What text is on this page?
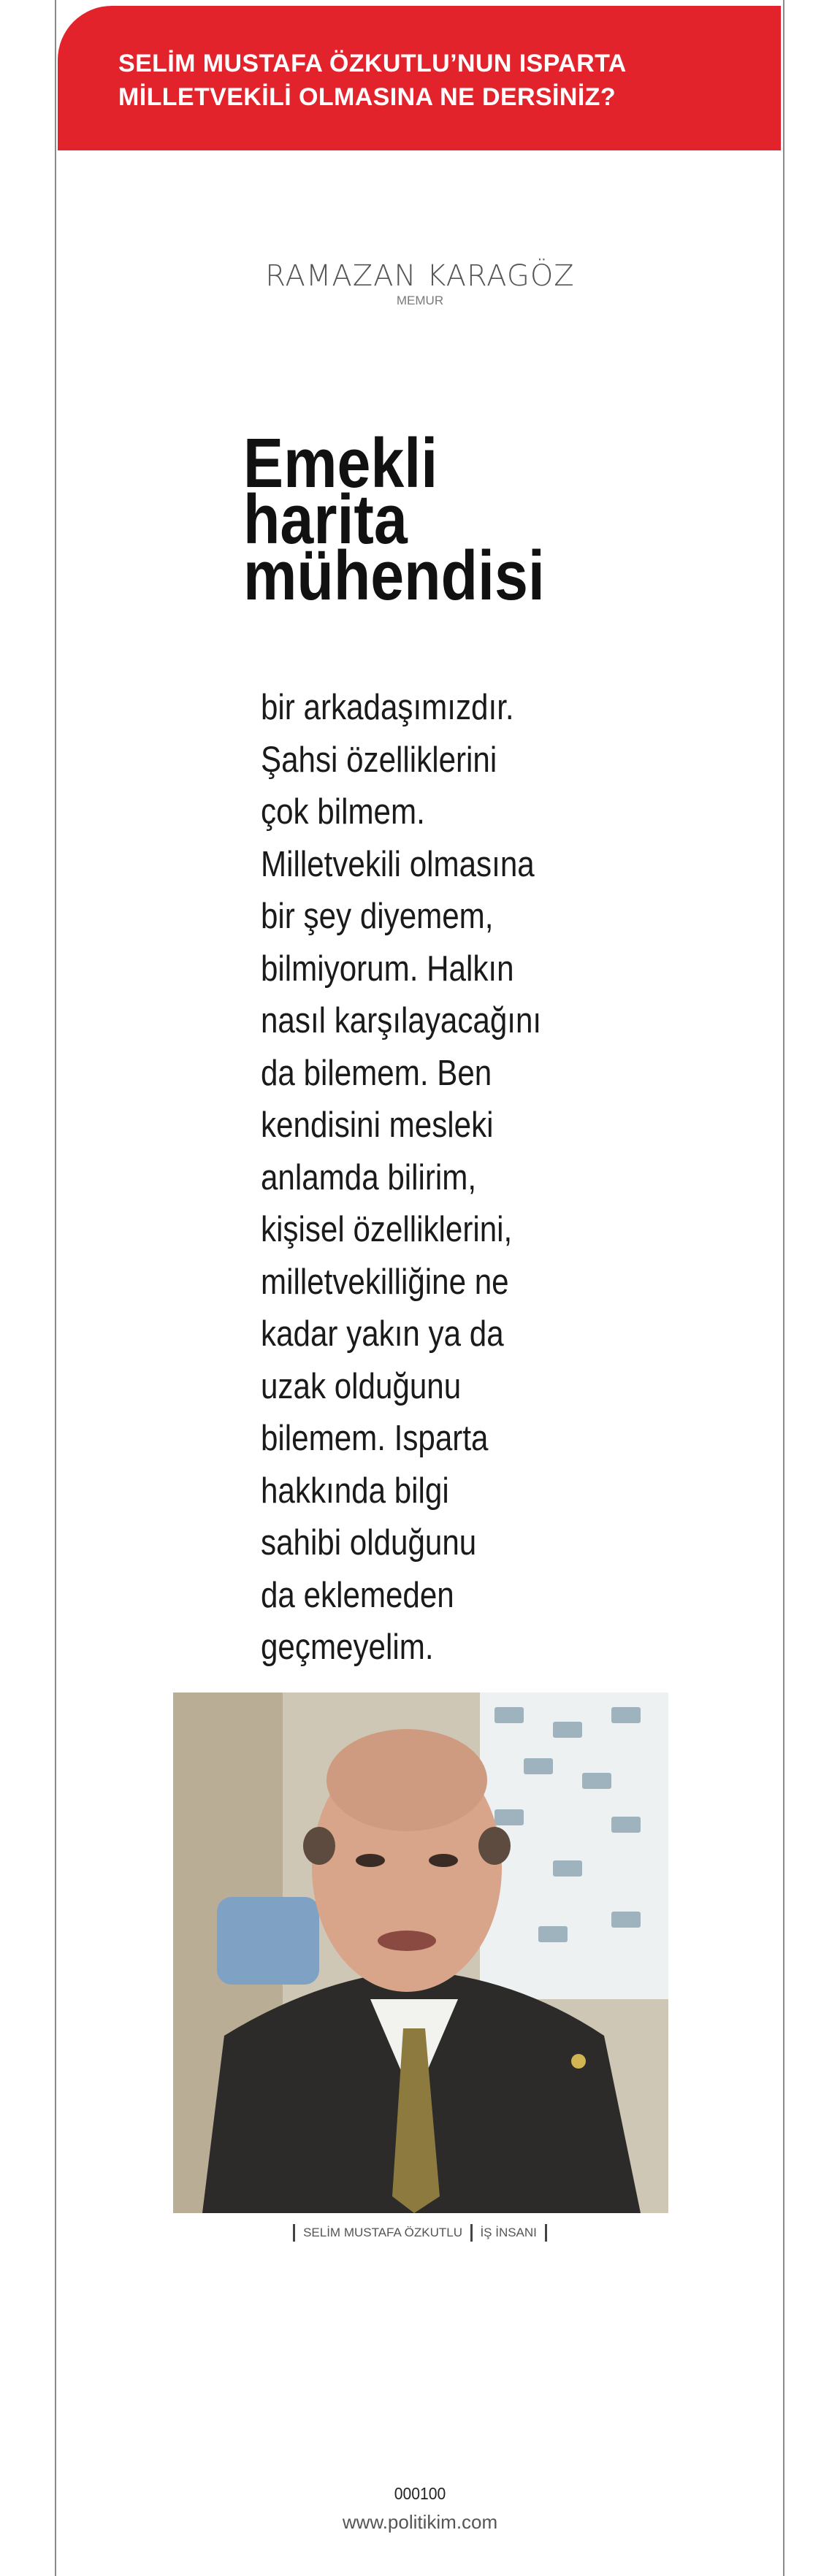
SELİM MUSTAFA ÖZKUTLU’NUN ISPARTA
MİLLETVEKİLİ OLMASINA NE DERSİNİZ?
RAMAZAN KARAGÖZ
MEMUR
Emekli
harita
mühendisi
bir arkadaşımızdır.
Şahsi özelliklerini
çok bilmem.
Milletvekili olmasına
bir şey diyemem,
bilmiyorum. Halkın
nasıl karşılayacağını
da bilemem. Ben
kendisini mesleki
anlamda bilirim,
kişisel özelliklerini,
milletvekilliğine ne
kadar yakın ya da
uzak olduğunu
bilemem. Isparta
hakkında bilgi
sahibi olduğunu
da eklemeden
geçmeyelim.
SELİM MUSTAFA ÖZKUTLU İŞ İNSANI
000100
www.politikim.com
